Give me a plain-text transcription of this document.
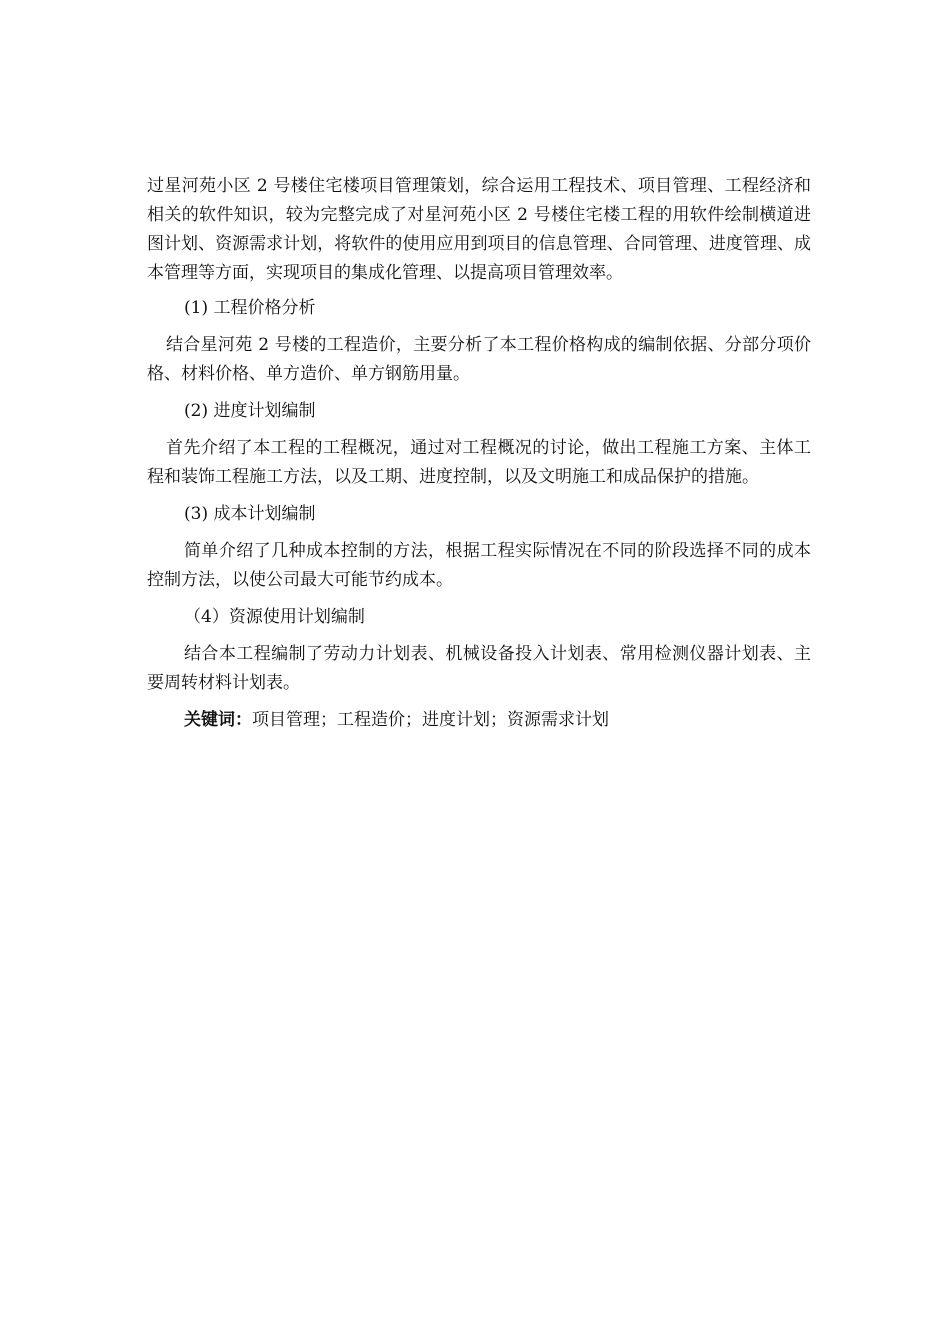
过星河苑小区 2 号楼住宅楼项目管理策划，综合运用工程技术、项目管理、工程经济和相关的软件知识，较为完整完成了对星河苑小区 2 号楼住宅楼工程的用软件绘制横道进图计划、资源需求计划，将软件的使用应用到项目的信息管理、合同管理、进度管理、成本管理等方面，实现项目的集成化管理、以提高项目管理效率。

(1) 工程价格分析

结合星河苑 2 号楼的工程造价，主要分析了本工程价格构成的编制依据、分部分项价格、材料价格、单方造价、单方钢筋用量。

(2) 进度计划编制

首先介绍了本工程的工程概况，通过对工程概况的讨论，做出工程施工方案、主体工程和装饰工程施工方法，以及工期、进度控制，以及文明施工和成品保护的措施。

(3) 成本计划编制

简单介绍了几种成本控制的方法，根据工程实际情况在不同的阶段选择不同的成本控制方法，以使公司最大可能节约成本。

（4）资源使用计划编制

结合本工程编制了劳动力计划表、机械设备投入计划表、常用检测仪器计划表、主要周转材料计划表。

关键词：项目管理；工程造价；进度计划；资源需求计划
